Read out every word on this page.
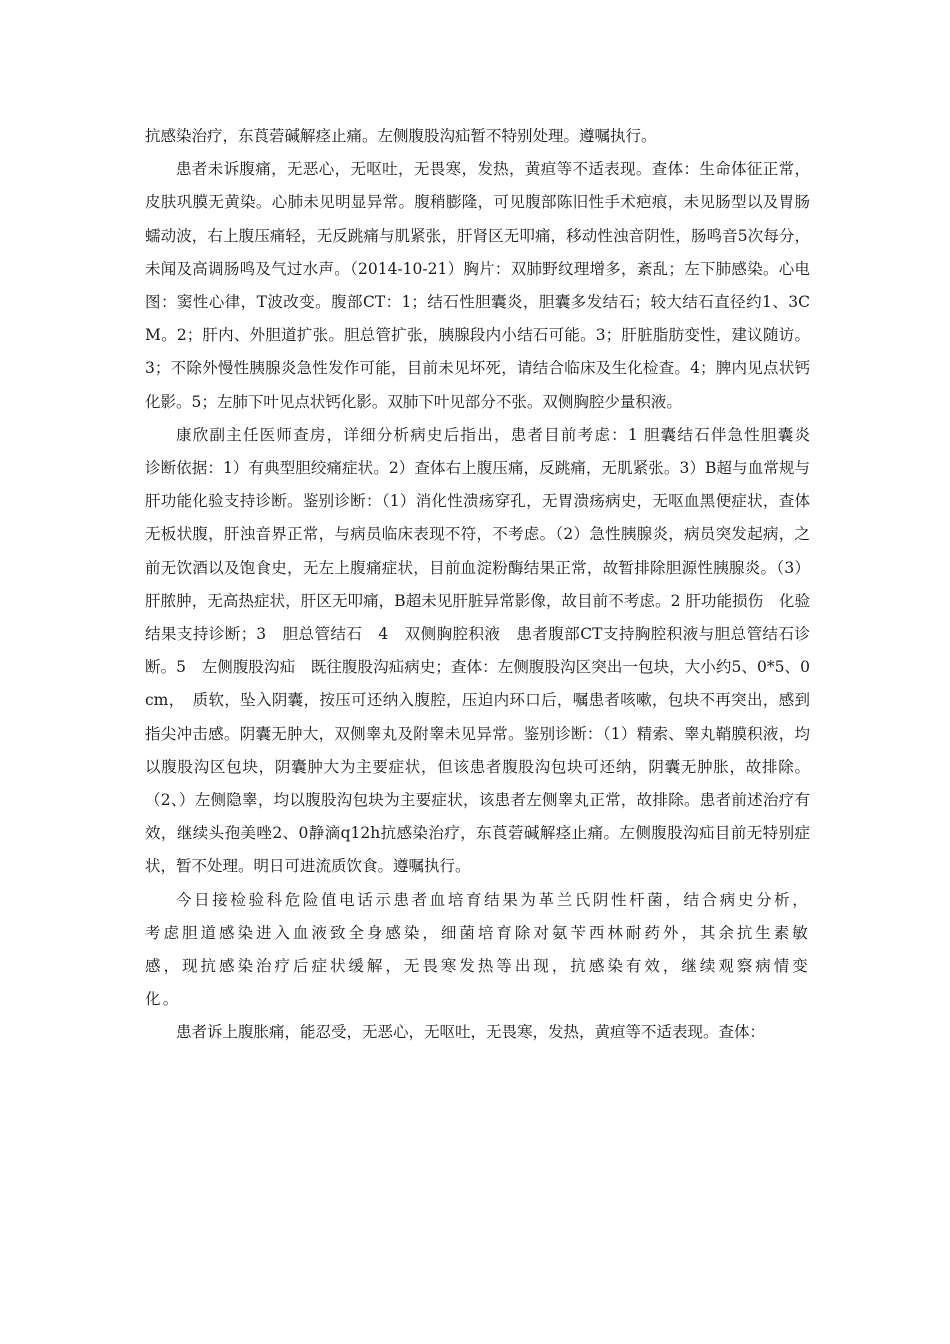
抗感染治疗，东莨菪碱解痉止痛。左侧腹股沟疝暂不特别处理。遵嘱执行。

患者未诉腹痛，无恶心，无呕吐，无畏寒，发热，黄疸等不适表现。查体：生命体征正常，皮肤巩膜无黄染。心肺未见明显异常。腹稍膨隆，可见腹部陈旧性手术疤痕，未见肠型以及胃肠蠕动波，右上腹压痛轻，无反跳痛与肌紧张，肝肾区无叩痛，移动性浊音阴性，肠鸣音5次每分，未闻及高调肠鸣及气过水声。（2014-10-21）胸片：双肺野纹理增多，紊乱；左下肺感染。心电图：窦性心律，T波改变。腹部CT：1；结石性胆囊炎，胆囊多发结石；较大结石直径约1、3CM。2；肝内、外胆道扩张。胆总管扩张，胰腺段内小结石可能。3；肝脏脂肪变性，建议随访。3；不除外慢性胰腺炎急性发作可能，目前未见坏死，请结合临床及生化检查。4；脾内见点状钙化影。5；左肺下叶见点状钙化影。双肺下叶见部分不张。双侧胸腔少量积液。

康欣副主任医师查房，详细分析病史后指出，患者目前考虑：1 胆囊结石伴急性胆囊炎　　诊断依据：1）有典型胆绞痛症状。2）查体右上腹压痛，反跳痛，无肌紧张。3）B超与血常规与肝功能化验支持诊断。鉴别诊断：（1）消化性溃疡穿孔，无胃溃疡病史，无呕血黑便症状，查体无板状腹，肝浊音界正常，与病员临床表现不符，不考虑。（2）急性胰腺炎，病员突发起病，之前无饮酒以及饱食史，无左上腹痛症状，目前血淀粉酶结果正常，故暂排除胆源性胰腺炎。（3）肝脓肿，无高热症状，肝区无叩痛，B超未见肝脏异常影像，故目前不考虑。2 肝功能损伤　化验结果支持诊断；3　胆总管结石　4　双侧胸腔积液　患者腹部CT支持胸腔积液与胆总管结石诊断。5　左侧腹股沟疝　既往腹股沟疝病史；查体：左侧腹股沟区突出一包块，大小约5、0*5、0cm，　质软，坠入阴囊，按压可还纳入腹腔，压迫内环口后，嘱患者咳嗽，包块不再突出，感到指尖冲击感。阴囊无肿大，双侧睾丸及附睾未见异常。鉴别诊断：（1）精索、睾丸鞘膜积液，均以腹股沟区包块，阴囊肿大为主要症状，但该患者腹股沟包块可还纳，阴囊无肿胀，故排除。（2、）左侧隐睾，均以腹股沟包块为主要症状，该患者左侧睾丸正常，故排除。患者前述治疗有效，继续头孢美唑2、0静滴q12h抗感染治疗，东莨菪碱解痉止痛。左侧腹股沟疝目前无特别症状，暂不处理。明日可进流质饮食。遵嘱执行。

今日接检验科危险值电话示患者血培育结果为革兰氏阴性杆菌，结合病史分析，考虑胆道感染进入血液致全身感染，细菌培育除对氨苄西林耐药外，其余抗生素敏感，现抗感染治疗后症状缓解，无畏寒发热等出现，抗感染有效，继续观察病情变化。

患者诉上腹胀痛，能忍受，无恶心，无呕吐，无畏寒，发热，黄疸等不适表现。查体：
